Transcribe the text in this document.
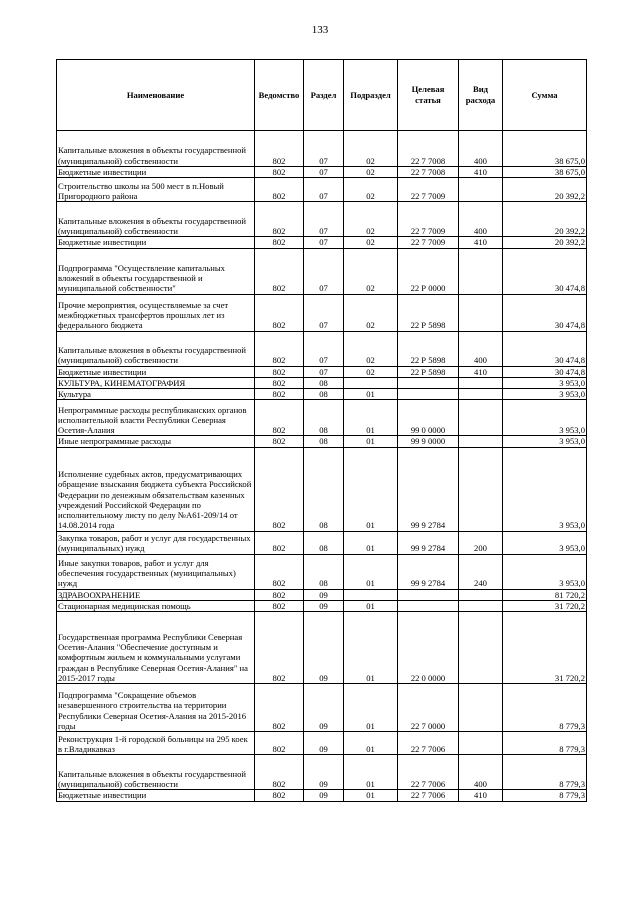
133
Наименование	Ведомство	Раздел	Подраздел	Целевая статья	Вид расхода	Сумма
Капитальные вложения в объекты государственной (муниципальной) собственности	802	07	02	22 7 7008	400	38 675,0
Бюджетные инвестиции	802	07	02	22 7 7008	410	38 675,0
Строительство школы на 500 мест в п.Новый Пригородного района	802	07	02	22 7 7009		20 392,2
Капитальные вложения в объекты государственной (муниципальной) собственности	802	07	02	22 7 7009	400	20 392,2
Бюджетные инвестиции	802	07	02	22 7 7009	410	20 392,2
Подпрограмма "Осуществление капитальных вложений в объекты государственной и муниципальной собственности"	802	07	02	22 Р 0000		30 474,8
Прочие мероприятия, осуществляемые за счет межбюджетных трансфертов прошлых лет из федерального бюджета	802	07	02	22 Р 5898		30 474,8
Капитальные вложения в объекты государственной (муниципальной) собственности	802	07	02	22 Р 5898	400	30 474,8
Бюджетные инвестиции	802	07	02	22 Р 5898	410	30 474,8
КУЛЬТУРА, КИНЕМАТОГРАФИЯ	802	08				3 953,0
Культура	802	08	01			3 953,0
Непрограммные расходы республиканских органов исполнительной власти Республики Северная Осетия-Алания	802	08	01	99 0 0000		3 953,0
Иные непрограммные расходы	802	08	01	99 9 0000		3 953,0
Исполнение судебных актов, предусматривающих обращение взыскания бюджета субъекта Российской Федерации по денежным обязательствам казенных учреждений Российской Федерации по исполнительному листу по делу №А61-209/14 от 14.08.2014 года	802	08	01	99 9 2784		3 953,0
Закупка товаров, работ и услуг для государственных (муниципальных) нужд	802	08	01	99 9 2784	200	3 953,0
Иные закупки товаров, работ и услуг для обеспечения государственных (муниципальных) нужд	802	08	01	99 9 2784	240	3 953,0
ЗДРАВООХРАНЕНИЕ	802	09				81 720,2
Стационарная медицинская помощь	802	09	01			31 720,2
Государственная программа Республики Северная Осетия-Алания "Обеспечение доступным и комфортным жильем и коммунальными услугами граждан в Республике Северная Осетия-Алания" на 2015-2017 годы	802	09	01	22 0 0000		31 720,2
Подпрограмма "Сокращение объемов незавершенного строительства на территории Республики Северная Осетия-Алания на 2015-2016 годы	802	09	01	22 7 0000		8 779,3
Реконструкция 1-й городской больницы на 295 коек в г.Владикавказ	802	09	01	22 7 7006		8 779,3
Капитальные вложения в объекты государственной (муниципальной) собственности	802	09	01	22 7 7006	400	8 779,3
Бюджетные инвестиции	802	09	01	22 7 7006	410	8 779,3
